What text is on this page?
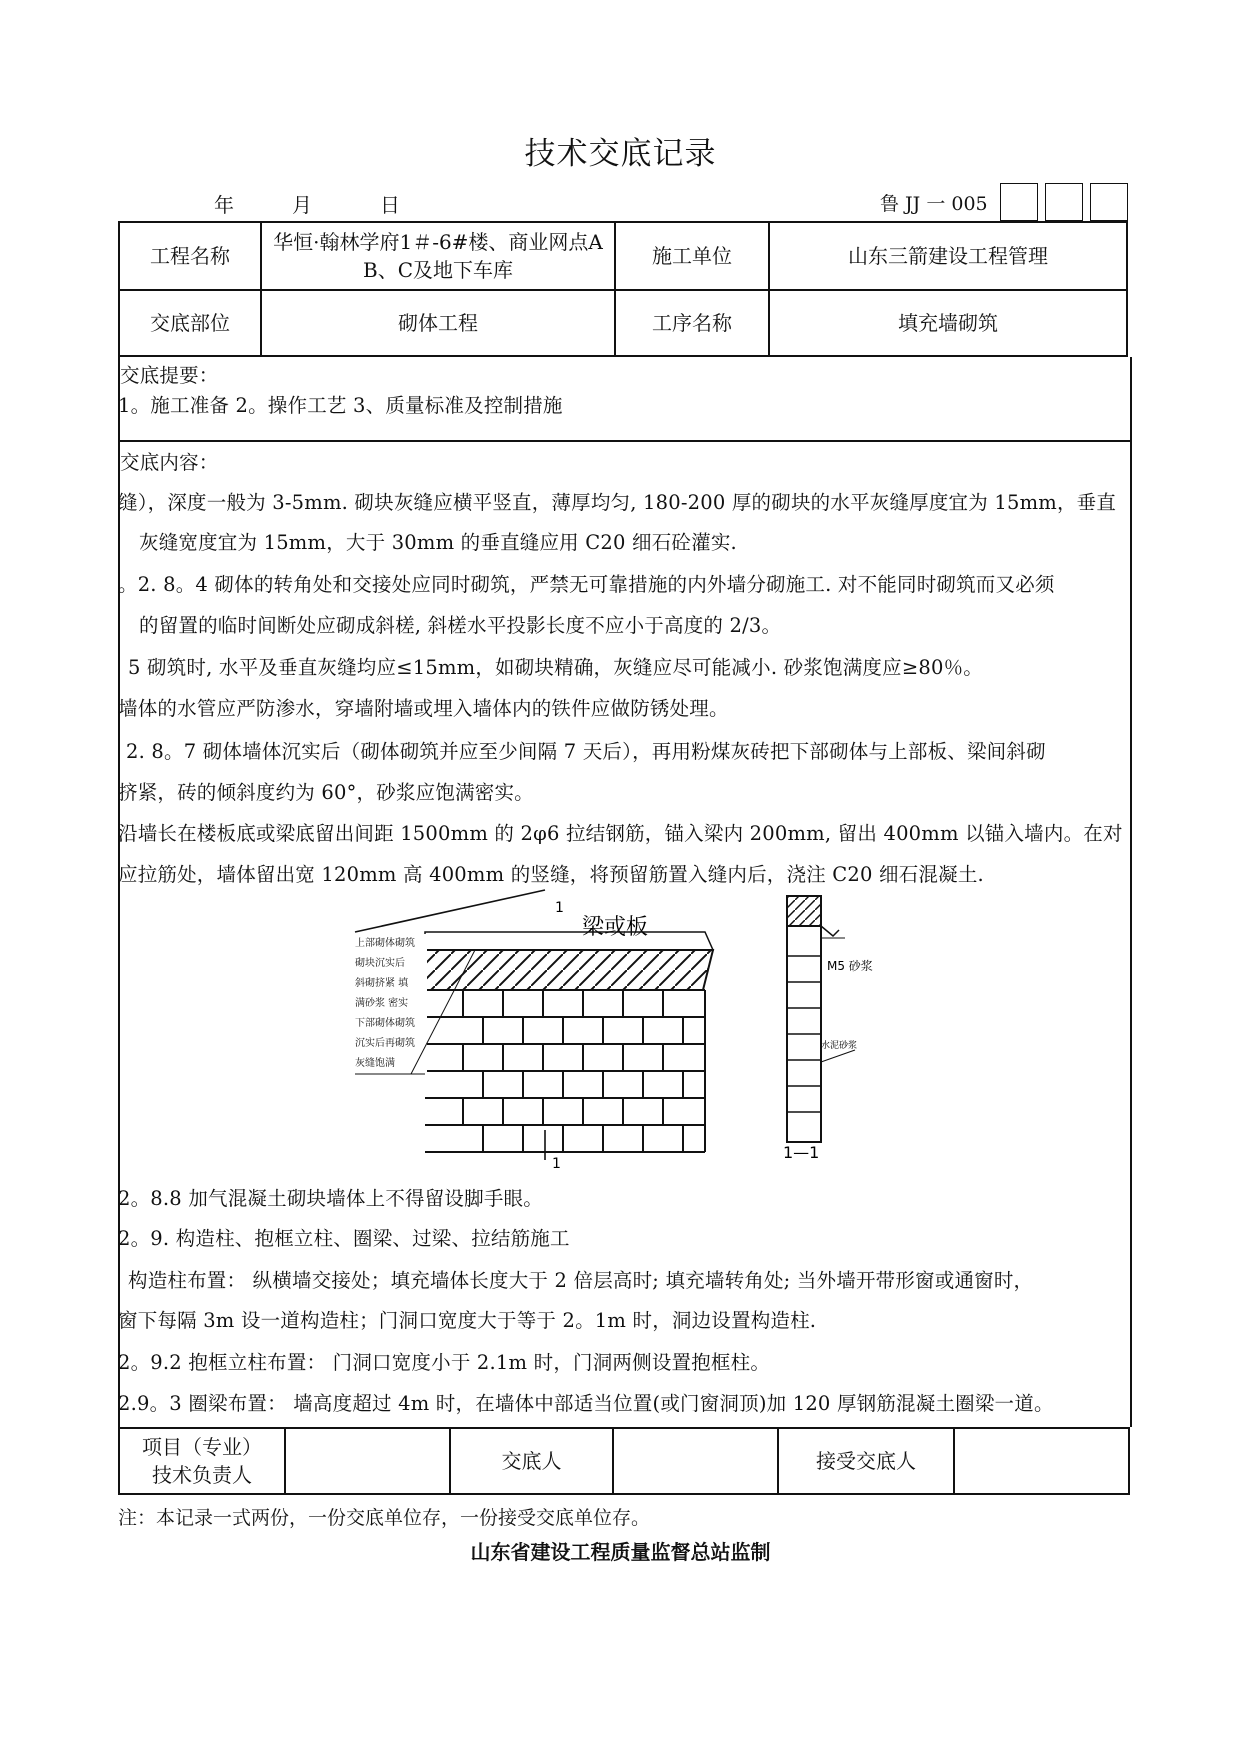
技术交底记录
年	月	日	鲁 JJ 一 005
工程名称	华恒·翰林学府1＃-6#楼、商业网点A
B、C及地下车库	施工单位	山东三箭建设工程管理
交底部位	砌体工程	工序名称	填充墙砌筑
交底提要：
1。施工准备 2。操作工艺 3、质量标准及控制措施
交底内容：
缝），深度一般为 3-5mm. 砌块灰缝应横平竖直，薄厚均匀, 180-200 厚的砌块的水平灰缝厚度宜为 15mm，垂直
灰缝宽度宜为 15mm，大于 30mm 的垂直缝应用 C20 细石砼灌实.
。2. 8。4 砌体的转角处和交接处应同时砌筑，严禁无可靠措施的内外墙分砌施工. 对不能同时砌筑而又必须
的留置的临时间断处应砌成斜槎, 斜槎水平投影长度不应小于高度的 2/3。
5 砌筑时, 水平及垂直灰缝均应≤15mm，如砌块精确，灰缝应尽可能减小. 砂浆饱满度应≥80％。
墙体的水管应严防渗水，穿墙附墙或埋入墙体内的铁件应做防锈处理。
2. 8。7 砌体墙体沉实后（砌体砌筑并应至少间隔 7 天后），再用粉煤灰砖把下部砌体与上部板、梁间斜砌
挤紧，砖的倾斜度约为 60°，砂浆应饱满密实。
沿墙长在楼板底或梁底留出间距 1500mm 的 2φ6 拉结钢筋，锚入梁内 200mm, 留出 400mm 以锚入墙内。在对
应拉筋处，墙体留出宽 120mm 高 400mm 的竖缝，将预留筋置入缝内后，浇注 C20 细石混凝土.
1
梁或板
上部砌体砌筑
砌块沉实后
斜砌挤紧 填
满砂浆 密实
下部砌体砌筑
沉实后再砌筑
灰缝饱满
1
M5 砂浆
水泥砂浆
1—1
2。8.8 加气混凝土砌块墙体上不得留设脚手眼。
2。9. 构造柱、抱框立柱、圈梁、过梁、拉结筋施工
构造柱布置： 纵横墙交接处；填充墙体长度大于 2 倍层高时; 填充墙转角处; 当外墙开带形窗或通窗时，
窗下每隔 3m 设一道构造柱；门洞口宽度大于等于 2。1m 时，洞边设置构造柱.
2。9.2 抱框立柱布置： 门洞口宽度小于 2.1m 时，门洞两侧设置抱框柱。
2.9。3 圈梁布置： 墙高度超过 4m 时，在墙体中部适当位置(或门窗洞顶)加 120 厚钢筋混凝土圈梁一道。
项目（专业）
技术负责人
		交底人		接受交底人	
注：本记录一式两份，一份交底单位存，一份接受交底单位存。
山东省建设工程质量监督总站监制
